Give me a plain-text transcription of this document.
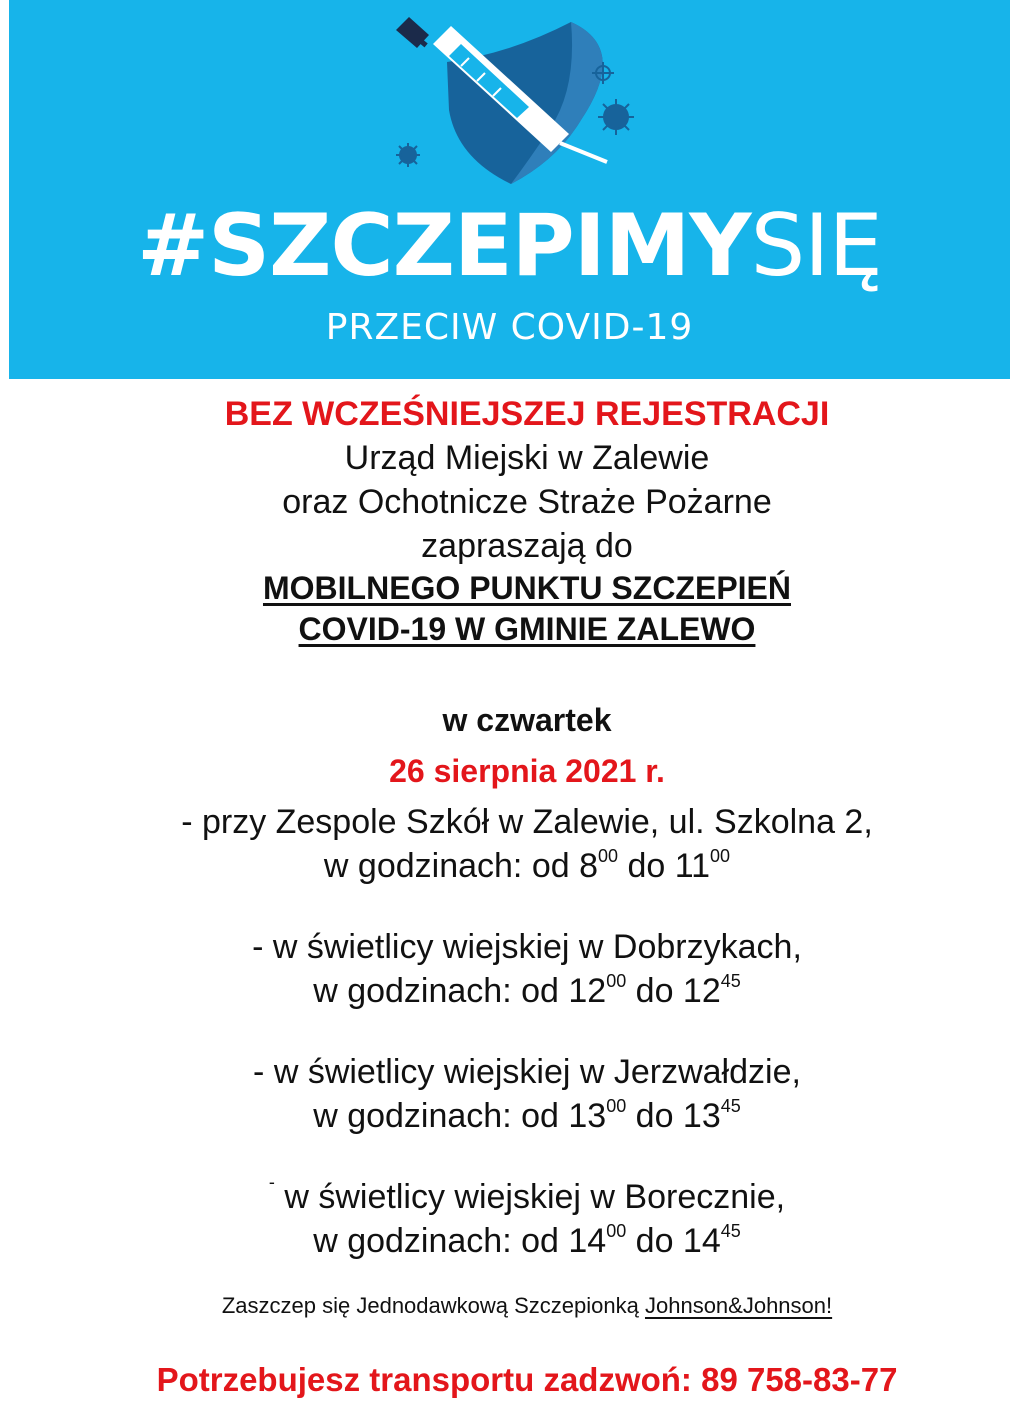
#SZCZEPIMYSIĘ
PRZECIW COVID-19

BEZ WCZEŚNIEJSZEJ REJESTRACJI

Urząd Miejski w Zalewie

oraz Ochotnicze Straże Pożarne

zapraszają do

MOBILNEGO PUNKTU SZCZEPIEŃ

COVID-19 W GMINIE ZALEWO

w czwartek

26 sierpnia 2021 r.

- przy Zespole Szkół w Zalewie, ul. Szkolna 2,

w godzinach: od $8^{00}$ do $11^{00}$

- w świetlicy wiejskiej w Dobrzykach,

w godzinach: od $12^{00}$ do $12^{45}$

- w świetlicy wiejskiej w Jerzwałdzie,

w godzinach: od $13^{00}$ do $13^{45}$

- w świetlicy wiejskiej w Borecznie,

w godzinach: od $14^{00}$ do $14^{45}$

Zaszczep się Jednodawkową Szczepionką Johnson&Johnson!

Potrzebujesz transportu zadzwoń: 89 758-83-77
